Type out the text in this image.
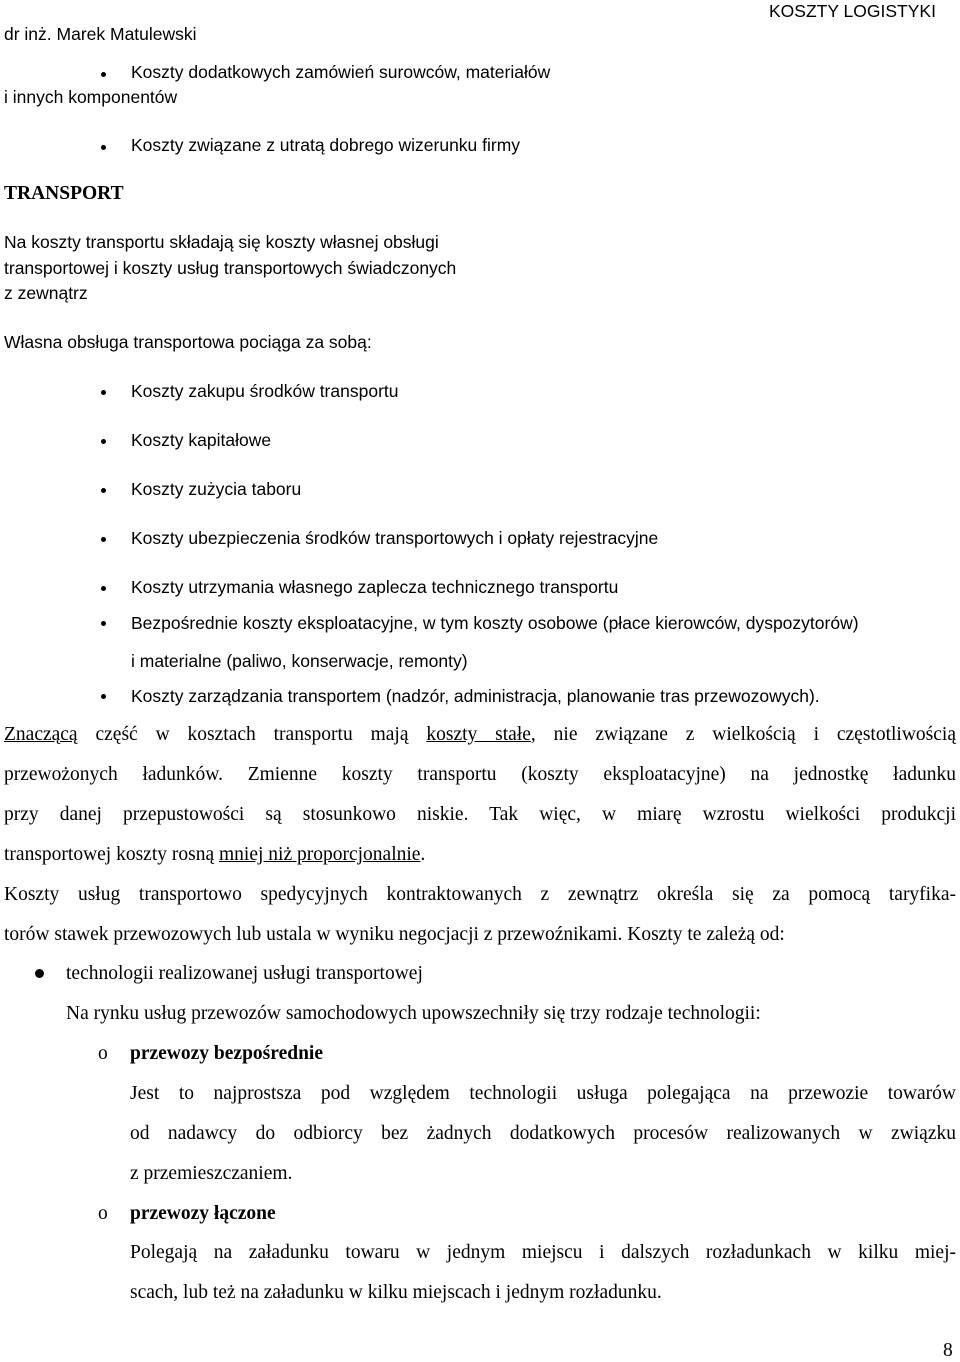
dr inż. Marek Matulewski
KOSZTY LOGISTYKI
Koszty dodatkowych zamówień surowców, materiałów
i innych komponentów
Koszty związane z utratą dobrego wizerunku firmy
TRANSPORT
Na koszty transportu składają się koszty własnej obsługi
transportowej i koszty usług transportowych świadczonych
z zewnątrz
Własna obsługa transportowa pociąga za sobą:
Koszty zakupu środków transportu
Koszty kapitałowe
Koszty zużycia taboru
Koszty ubezpieczenia środków transportowych i opłaty rejestracyjne
Koszty utrzymania własnego zaplecza technicznego transportu
Bezpośrednie koszty eksploatacyjne, w tym koszty osobowe (płace kierowców, dyspozytorów)
i materialne (paliwo, konserwacje, remonty)
Koszty zarządzania transportem (nadzór, administracja, planowanie tras przewozowych).
Znaczącą część w kosztach transportu mają koszty stałe, nie związane z wielkością i częstotliwością
przewożonych ładunków. Zmienne koszty transportu (koszty eksploatacyjne) na jednostkę ładunku
przy danej przepustowości są stosunkowo niskie. Tak więc, w miarę wzrostu wielkości produkcji
transportowej koszty rosną mniej niż proporcjonalnie.
Koszty usług transportowo spedycyjnych kontraktowanych z zewnątrz określa się za pomocą taryfika-
torów stawek przewozowych lub ustala w wyniku negocjacji z przewoźnikami. Koszty te zależą od:
technologii realizowanej usługi transportowej
Na rynku usług przewozów samochodowych upowszechniły się trzy rodzaje technologii:
o przewozy bezpośrednie
Jest to najprostsza pod względem technologii usługa polegająca na przewozie towarów
od nadawcy do odbiorcy bez żadnych dodatkowych procesów realizowanych w związku
z przemieszczaniem.
o przewozy łączone
Polegają na załadunku towaru w jednym miejscu i dalszych rozładunkach w kilku miej-
scach, lub też na załadunku w kilku miejscach i jednym rozładunku.
8
